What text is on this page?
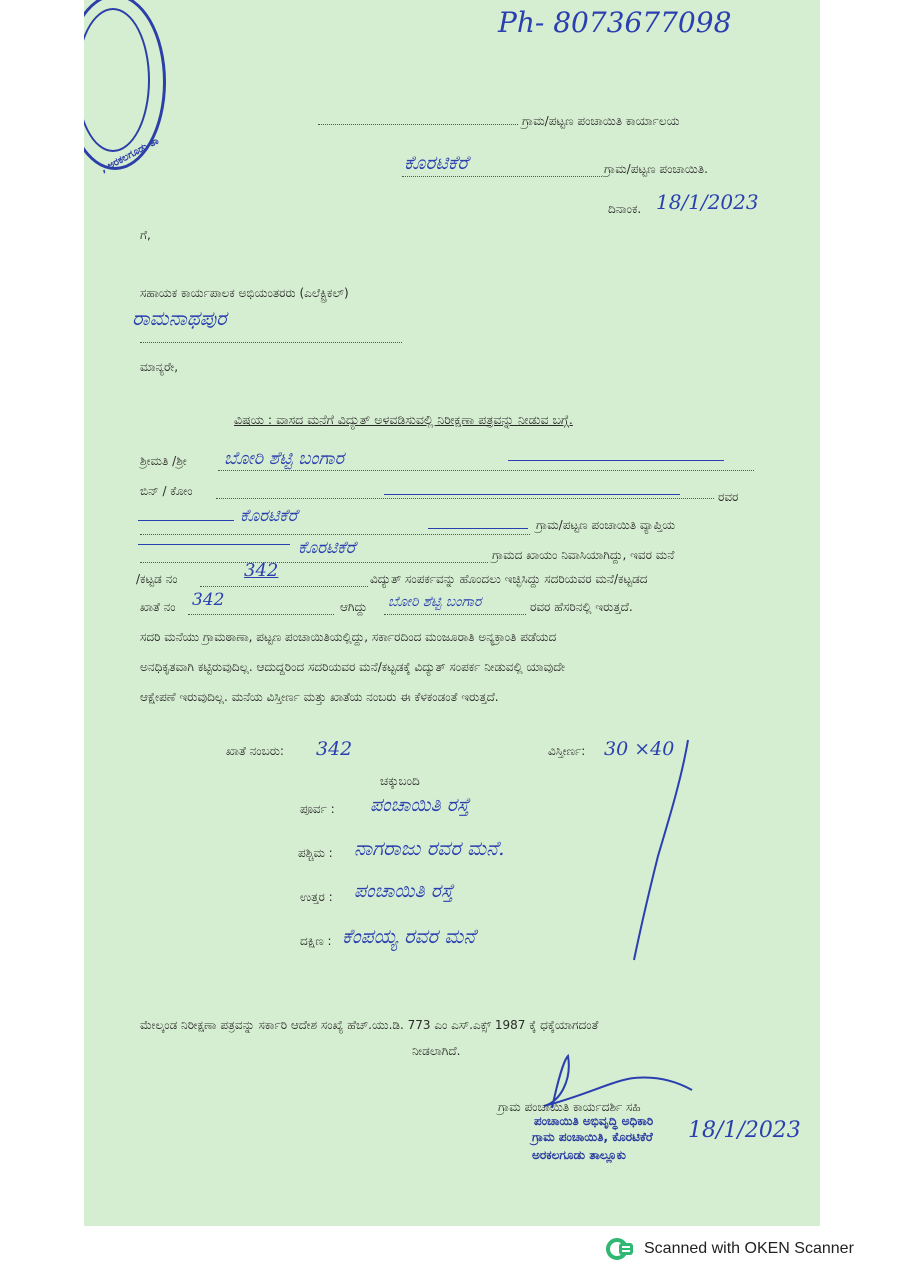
, ಅರಕಲಗೂಡು ತಾ
Ph- 8073677098
ಗ್ರಾಮ/ಪಟ್ಟಣ ಪಂಚಾಯಿತಿ ಕಾರ್ಯಾಲಯ
ಕೊರಟಿಕೆರೆ	ಗ್ರಾಮ/ಪಟ್ಟಣ ಪಂಚಾಯಿತಿ.
ದಿನಾಂಕ. 18/1/2023
ಗೆ,
ಸಹಾಯಕ ಕಾರ್ಯಪಾಲಕ ಅಭಿಯಂತರರು (ಎಲೆಕ್ಟ್ರಿಕಲ್)
ರಾಮನಾಥಪುರ
ಮಾನ್ಯರೇ,
ವಿಷಯ : ವಾಸದ ಮನೆಗೆ ವಿದ್ಯುತ್ ಅಳವಡಿಸುವಲ್ಲಿ ನಿರೀಕ್ಷಣಾ ಪತ್ರವನ್ನು ನೀಡುವ ಬಗ್ಗೆ.
ಶ್ರೀಮತಿ /ಶ್ರೀ ಬೋರಿ ಶೆಟ್ಟಿ ಬಂಗಾರ
ಬಿನ್ / ಕೋಂ	ರವರ
ಕೊರಟಿಕೆರೆ	ಗ್ರಾಮ/ಪಟ್ಟಣ ಪಂಚಾಯಿತಿ ವ್ಯಾಪ್ತಿಯ
ಕೊರಟಿಕೆರೆ	ಗ್ರಾಮದ ಖಾಯಂ ನಿವಾಸಿಯಾಗಿದ್ದು, ಇವರ ಮನೆ
/ಕಟ್ಟಡ ನಂ	342	ವಿದ್ಯುತ್ ಸಂಪರ್ಕವನ್ನು ಹೊಂದಲು ಇಚ್ಛಿಸಿದ್ದು ಸದರಿಯವರ ಮನೆ/ಕಟ್ಟಡದ
ಖಾತೆ ನಂ 342	ಆಗಿದ್ದು ಬೋರಿ ಶೆಟ್ಟಿ ಬಂಗಾರ	ರವರ ಹೆಸರಿನಲ್ಲಿ ಇರುತ್ತದೆ.
ಸದರಿ ಮನೆಯು ಗ್ರಾಮಠಾಣಾ, ಪಟ್ಟಣ ಪಂಚಾಯಿತಿಯಲ್ಲಿದ್ದು, ಸರ್ಕಾರದಿಂದ ಮಂಜೂರಾತಿ ಅನ್ಯಕ್ರಾಂತಿ ಪಡೆಯದ
ಅನಧಿಕೃತವಾಗಿ ಕಟ್ಟಿರುವುದಿಲ್ಲ. ಆದುದ್ದರಿಂದ ಸದರಿಯವರ ಮನೆ/ಕಟ್ಟಡಕ್ಕೆ ವಿದ್ಯುತ್ ಸಂಪರ್ಕ ನೀಡುವಲ್ಲಿ ಯಾವುದೇ
ಆಕ್ಷೇಪಣೆ ಇರುವುದಿಲ್ಲ. ಮನೆಯ ವಿಸ್ತೀರ್ಣ ಮತ್ತು ಖಾತೆಯ ನಂಬರು ಈ ಕೆಳಕಂಡಂತೆ ಇರುತ್ತದೆ.
ಖಾತೆ ನಂಬರು: 342	ವಿಸ್ತೀರ್ಣ: 30 ×40
ಚಕ್ಕುಬಂದಿ
ಪೂರ್ವ : ಪಂಚಾಯಿತಿ ರಸ್ತೆ
ಪಶ್ಚಿಮ : ನಾಗರಾಜು ರವರ ಮನೆ.
ಉತ್ತರ : ಪಂಚಾಯಿತಿ ರಸ್ತೆ
ದಕ್ಷಿಣ : ಕೆಂಪಯ್ಯ ರವರ ಮನೆ
ಮೇಲ್ಕಂಡ ನಿರೀಕ್ಷಣಾ ಪತ್ರವನ್ನು ಸರ್ಕಾರಿ ಆದೇಶ ಸಂಖ್ಯೆ ಹೆಚ್.ಯು.ಡಿ. 773 ಎಂ ಎಸ್.ಎಕ್ಸ್ 1987 ಕ್ಕೆ ಧಕ್ಕೆಯಾಗದಂತೆ
ನೀಡಲಾಗಿದೆ.
ಗ್ರಾಮ ಪಂಚಾಯಿತಿ ಕಾರ್ಯದರ್ಶಿ ಸಹಿ
ಪಂಚಾಯಿತಿ ಅಭಿವೃದ್ಧಿ ಅಧಿಕಾರಿ
ಗ್ರಾಮ ಪಂಚಾಯಿತಿ, ಕೊರಟಿಕೆರೆ
ಅರಕಲಗೂಡು ತಾಲ್ಲೂಕು
18/1/2023
Scanned with OKEN Scanner
